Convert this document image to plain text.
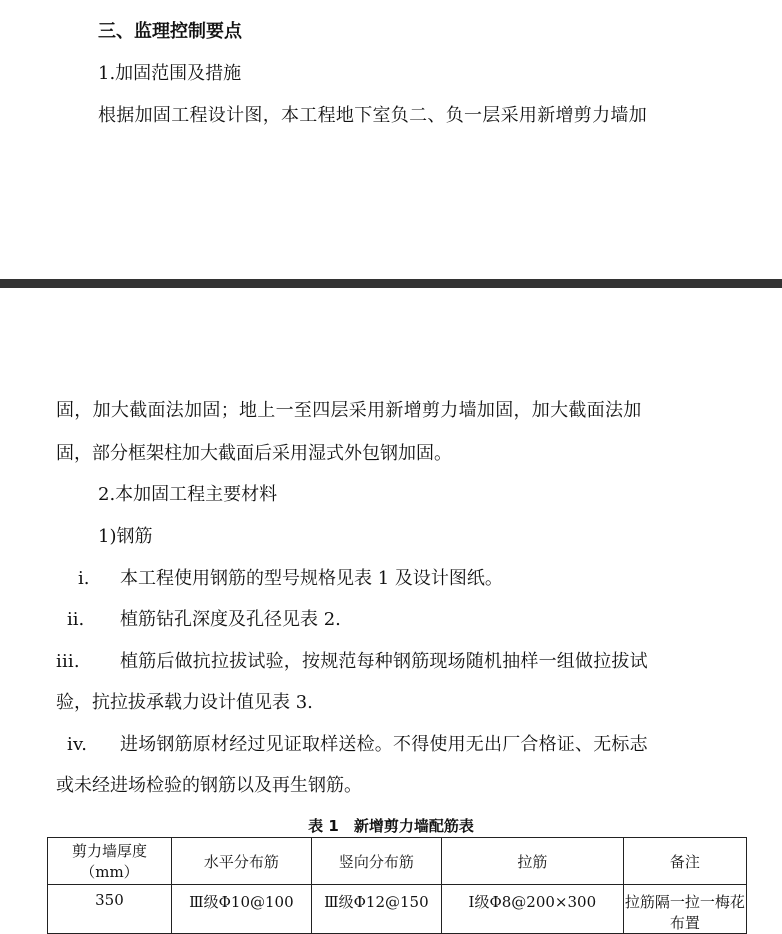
三、监理控制要点
1.加固范围及措施
根据加固工程设计图，本工程地下室负二、负一层采用新增剪力墙加
固，加大截面法加固；地上一至四层采用新增剪力墙加固，加大截面法加
固，部分框架柱加大截面后采用湿式外包钢加固。
2.本加固工程主要材料
1)钢筋
i. 本工程使用钢筋的型号规格见表 1 及设计图纸。
ii. 植筋钻孔深度及孔径见表 2.
iii. 植筋后做抗拉拔试验，按规范每种钢筋现场随机抽样一组做拉拔试
验，抗拉拔承载力设计值见表 3.
iv. 进场钢筋原材经过见证取样送检。不得使用无出厂合格证、无标志
或未经进场检验的钢筋以及再生钢筋。
表 1　新增剪力墙配筋表
剪力墙厚度（mm）	水平分布筋	竖向分布筋	拉筋	备注
350	Ⅲ级Φ10@100	Ⅲ级Φ12@150	Ⅰ级Φ8@200×300	拉筋隔一拉一梅花布置
